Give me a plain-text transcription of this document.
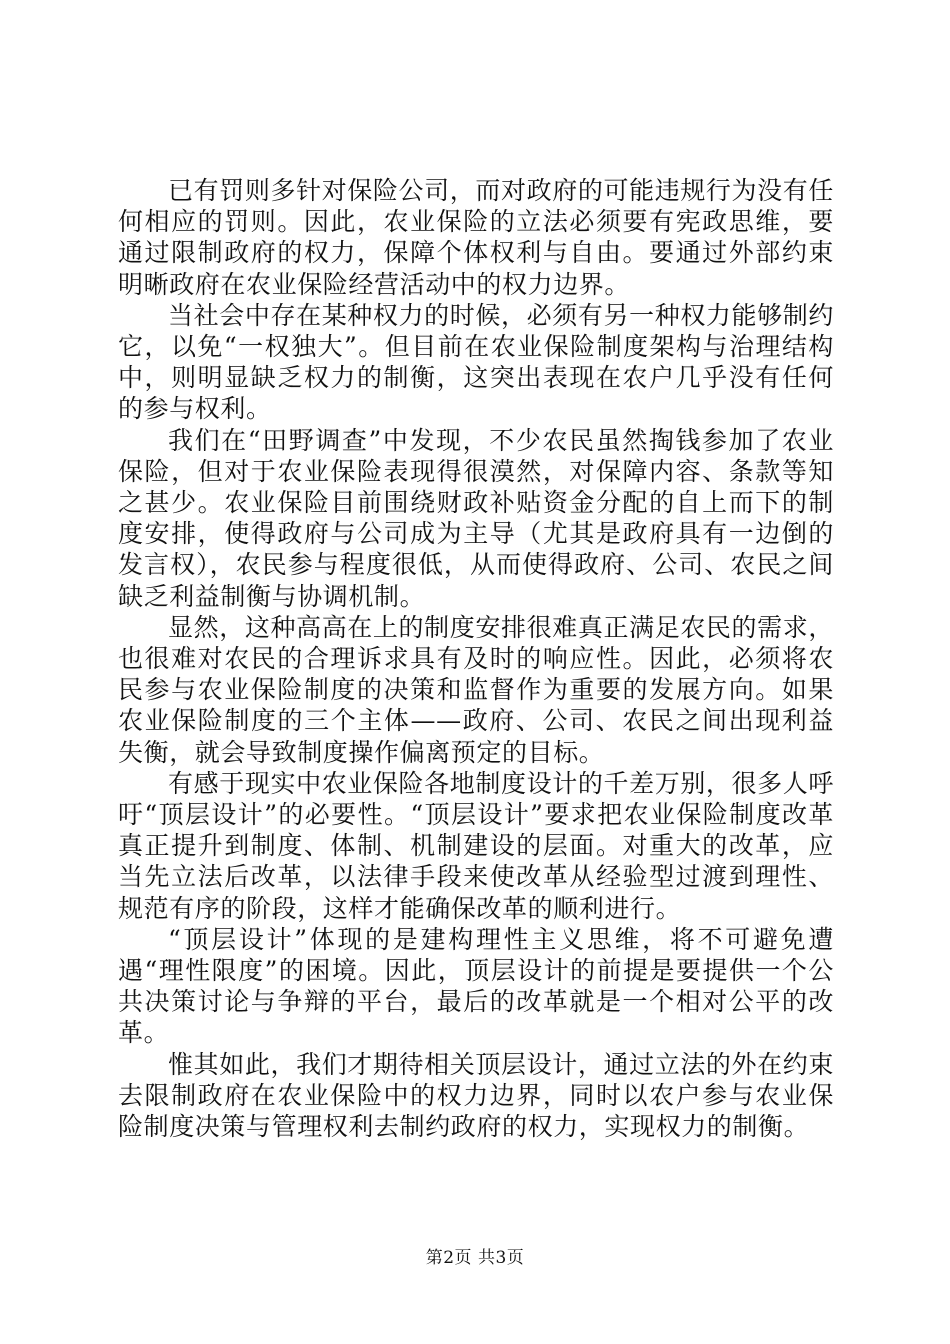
已有罚则多针对保险公司，而对政府的可能违规行为没有任何相应的罚则。因此，农业保险的立法必须要有宪政思维，要通过限制政府的权力，保障个体权利与自由。要通过外部约束明晰政府在农业保险经营活动中的权力边界。

当社会中存在某种权力的时候，必须有另一种权力能够制约它，以免“一权独大”。但目前在农业保险制度架构与治理结构中，则明显缺乏权力的制衡，这突出表现在农户几乎没有任何的参与权利。

我们在“田野调查”中发现，不少农民虽然掏钱参加了农业保险，但对于农业保险表现得很漠然，对保障内容、条款等知之甚少。农业保险目前围绕财政补贴资金分配的自上而下的制度安排，使得政府与公司成为主导（尤其是政府具有一边倒的发言权），农民参与程度很低，从而使得政府、公司、农民之间缺乏利益制衡与协调机制。

显然，这种高高在上的制度安排很难真正满足农民的需求，也很难对农民的合理诉求具有及时的响应性。因此，必须将农民参与农业保险制度的决策和监督作为重要的发展方向。如果农业保险制度的三个主体——政府、公司、农民之间出现利益失衡，就会导致制度操作偏离预定的目标。

有感于现实中农业保险各地制度设计的千差万别，很多人呼吁“顶层设计”的必要性。“顶层设计”要求把农业保险制度改革真正提升到制度、体制、机制建设的层面。对重大的改革，应当先立法后改革，以法律手段来使改革从经验型过渡到理性、规范有序的阶段，这样才能确保改革的顺利进行。

“顶层设计”体现的是建构理性主义思维，将不可避免遭遇“理性限度”的困境。因此，顶层设计的前提是要提供一个公共决策讨论与争辩的平台，最后的改革就是一个相对公平的改革。

惟其如此，我们才期待相关顶层设计，通过立法的外在约束去限制政府在农业保险中的权力边界，同时以农户参与农业保险制度决策与管理权利去制约政府的权力，实现权力的制衡。

第2页 共3页
